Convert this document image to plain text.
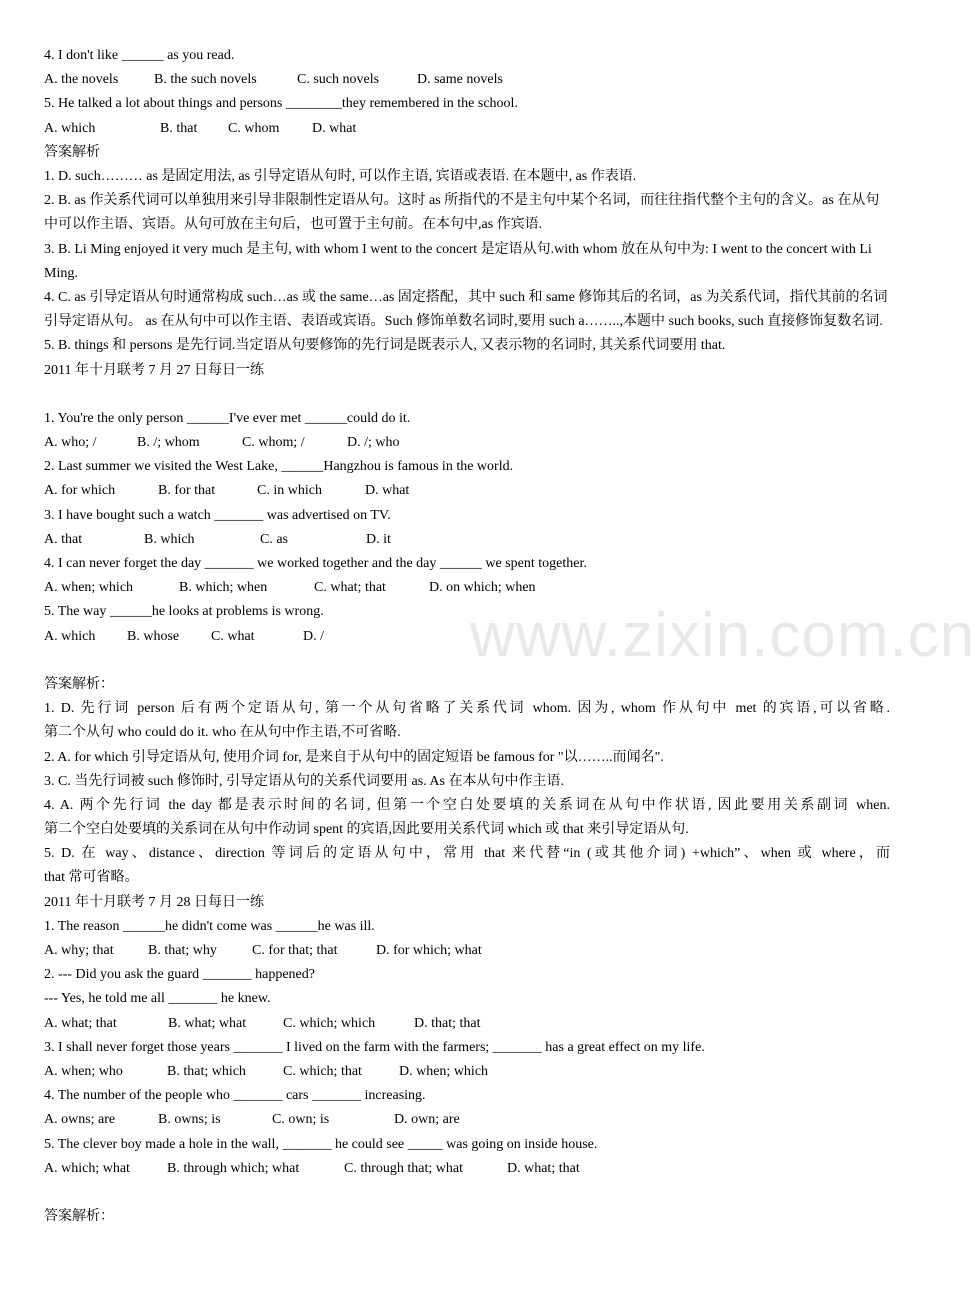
4. I don't like ______ as you read.
A. the novels	B. the such novels	C. such novels	D. same novels
5. He talked a lot about things and persons ________they remembered in the school.
A. which	B. that C. whom D. what
答案解析
1. D. such……… as 是固定用法, as 引导定语从句时, 可以作主语, 宾语或表语. 在本题中, as 作表语.
2. B. as 作关系代词可以单独用来引导非限制性定语从句。这时 as 所指代的不是主句中某个名词，而往往指代整个主句的含义。as 在从句中可以作主语、宾语。从句可放在主句后，也可置于主句前。在本句中,as 作宾语.
3. B. Li Ming enjoyed it very much 是主句, with whom I went to the concert 是定语从句.with whom 放在从句中为: I went to the concert with Li Ming.
4. C. as 引导定语从句时通常构成 such…as 或 the same…as 固定搭配，其中 such 和 same 修饰其后的名词，as 为关系代词，指代其前的名词引导定语从句。 as 在从句中可以作主语、表语或宾语。Such 修饰单数名词时,要用 such a……..,本题中 such books, such 直接修饰复数名词.
5. B. things 和 persons 是先行词.当定语从句要修饰的先行词是既表示人, 又表示物的名词时, 其关系代词要用 that.
2011 年十月联考 7 月 27 日每日一练
1. You're the only person ______I've ever met ______could do it.
A. who; /	B. /; whom	C. whom; /	D. /; who
2. Last summer we visited the West Lake, ______Hangzhou is famous in the world.
A. for which	B. for that	C. in which	D. what
3. I have bought such a watch _______ was advertised on TV.
A. that	B. which	C. as	D. it
4. I can never forget the day _______ we worked together and the day ______ we spent together.
A. when; which	B. which; when	C. what; that	D. on which; when
5. The way ______he looks at problems is wrong.
A. which B. whose C. what	D. /
答案解析：
1. D. 先行词 person 后有两个定语从句, 第一个从句省略了关系代词 whom. 因为, whom 作从句中 met 的宾语,可以省略.
第二个从句 who could do it. who 在从句中作主语,不可省略.
2. A. for which 引导定语从句, 使用介词 for, 是来自于从句中的固定短语 be famous for "以……..而闻名".
3. C. 当先行词被 such 修饰时, 引导定语从句的关系代词要用 as. As 在本从句中作主语.
4. A. 两个先行词 the day 都是表示时间的名词, 但第一个空白处要填的关系词在从句中作状语, 因此要用关系副词 when.
第二个空白处要填的关系词在从句中作动词 spent 的宾语,因此要用关系代词 which 或 that 来引导定语从句.
5. D. 在 way、distance、direction 等词后的定语从句中，常用 that 来代替“in (或其他介词) +which”、when 或 where，而
that 常可省略。
2011 年十月联考 7 月 28 日每日一练
1. The reason ______he didn't come was ______he was ill.
A. why; that B. that; why	C. for that; that	D. for which; what
2. --- Did you ask the guard _______ happened?
--- Yes, he told me all _______ he knew.
A. what; that	B. what; what	C. which; which	D. that; that
3. I shall never forget those years _______ I lived on the farm with the farmers; _______ has a great effect on my life.
A. when; who	B. that; which	C. which; that	D. when; which
4. The number of the people who _______ cars _______ increasing.
A. owns; are	B. owns; is	C. own; is	D. own; are
5. The clever boy made a hole in the wall, _______ he could see _____ was going on inside house.
A. which; what	B. through which; what	C. through that; what	D. what; that
答案解析：
www.zixin.com.cn
